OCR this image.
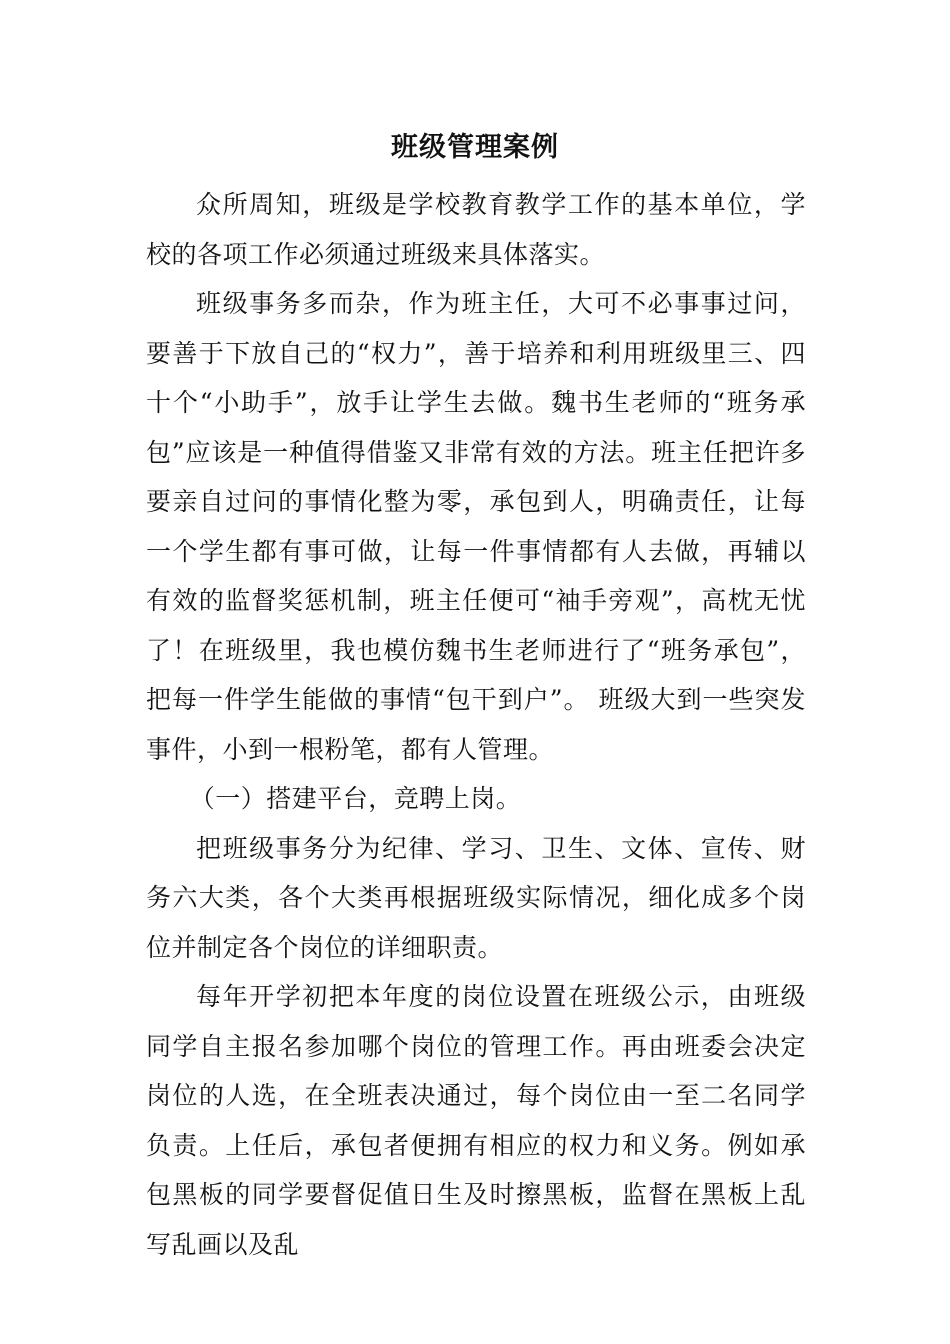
班级管理案例

众所周知，班级是学校教育教学工作的基本单位，学校的各项工作必须通过班级来具体落实。

班级事务多而杂，作为班主任，大可不必事事过问，要善于下放自己的“权力”，善于培养和利用班级里三、四十个“小助手”，放手让学生去做。魏书生老师的“班务承包”应该是一种值得借鉴又非常有效的方法。班主任把许多要亲自过问的事情化整为零，承包到人，明确责任，让每一个学生都有事可做，让每一件事情都有人去做，再辅以有效的监督奖惩机制，班主任便可“袖手旁观”，高枕无忧了！在班级里，我也模仿魏书生老师进行了“班务承包”，把每一件学生能做的事情“包干到户”。 班级大到一些突发事件，小到一根粉笔，都有人管理。

（一）搭建平台，竞聘上岗。

把班级事务分为纪律、学习、卫生、文体、宣传、财务六大类，各个大类再根据班级实际情况，细化成多个岗位并制定各个岗位的详细职责。

每年开学初把本年度的岗位设置在班级公示，由班级同学自主报名参加哪个岗位的管理工作。再由班委会决定岗位的人选，在全班表决通过，每个岗位由一至二名同学负责。上任后，承包者便拥有相应的权力和义务。例如承包黑板的同学要督促值日生及时擦黑板，监督在黑板上乱写乱画以及乱
